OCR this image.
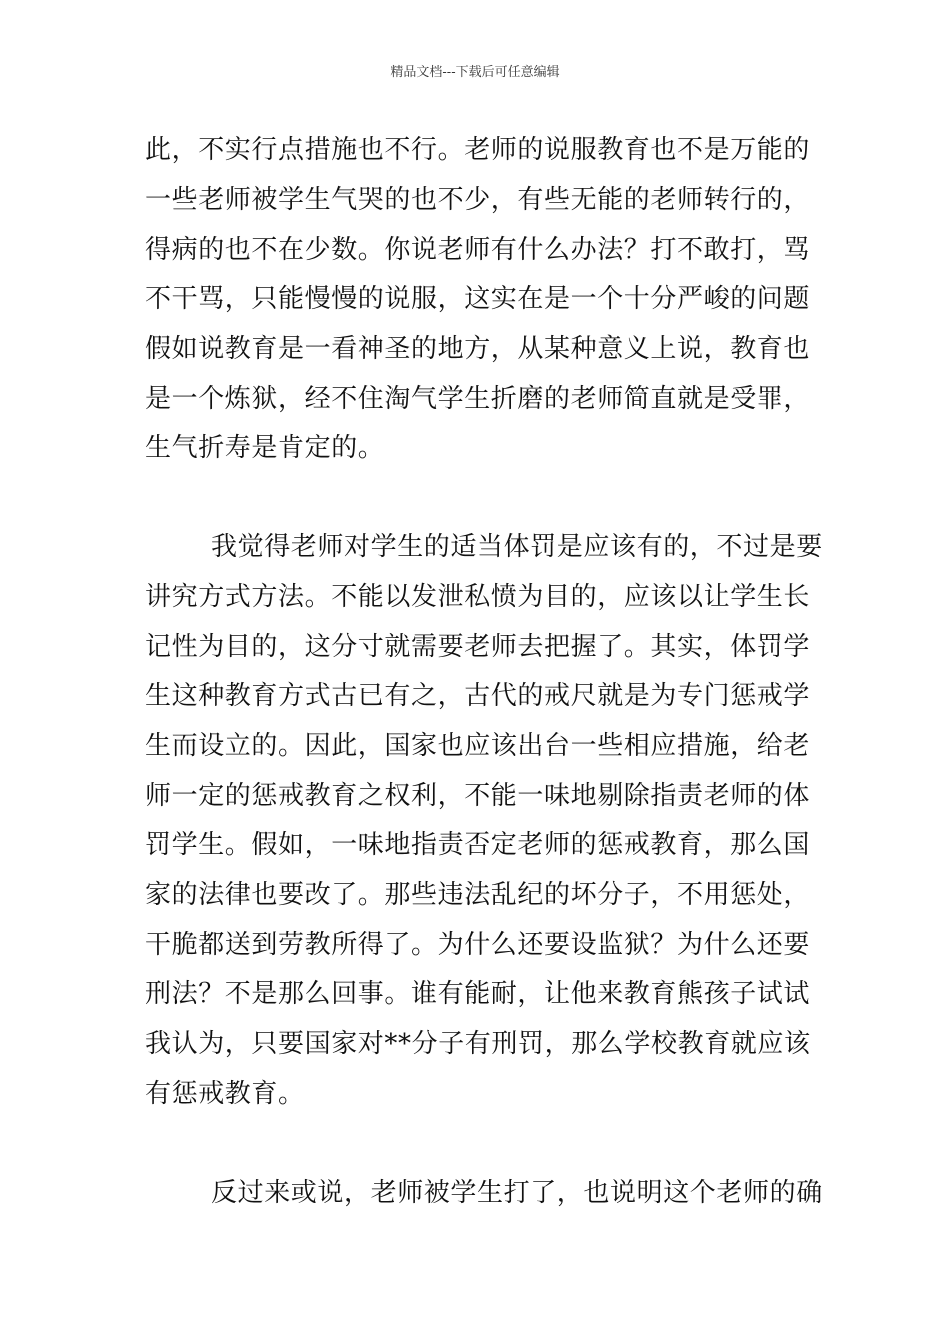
精品文档---下载后可任意编辑
此，不实行点措施也不行。老师的说服教育也不是万能的
一些老师被学生气哭的也不少，有些无能的老师转行的，
得病的也不在少数。你说老师有什么办法？打不敢打，骂
不干骂，只能慢慢的说服，这实在是一个十分严峻的问题
假如说教育是一看神圣的地方，从某种意义上说，教育也
是一个炼狱，经不住淘气学生折磨的老师简直就是受罪，
生气折寿是肯定的。
我觉得老师对学生的适当体罚是应该有的，不过是要
讲究方式方法。不能以发泄私愤为目的，应该以让学生长
记性为目的，这分寸就需要老师去把握了。其实，体罚学
生这种教育方式古已有之，古代的戒尺就是为专门惩戒学
生而设立的。因此，国家也应该出台一些相应措施，给老
师一定的惩戒教育之权利，不能一味地剔除指责老师的体
罚学生。假如，一味地指责否定老师的惩戒教育，那么国
家的法律也要改了。那些违法乱纪的坏分子，不用惩处，
干脆都送到劳教所得了。为什么还要设监狱？为什么还要
刑法？不是那么回事。谁有能耐，让他来教育熊孩子试试
我认为，只要国家对**分子有刑罚，那么学校教育就应该
有惩戒教育。
反过来或说，老师被学生打了，也说明这个老师的确
